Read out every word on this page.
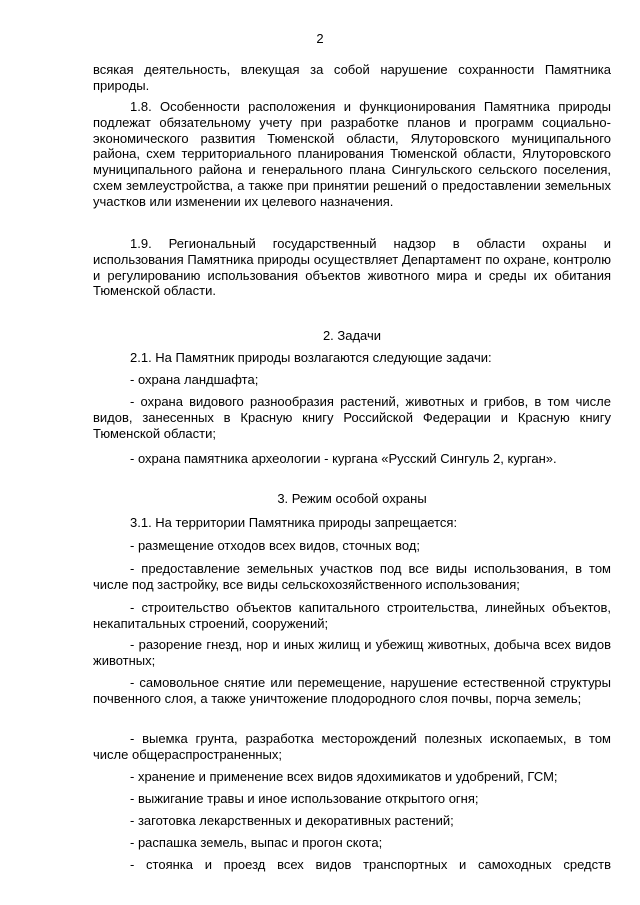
2

всякая деятельность, влекущая за собой нарушение сохранности Памятника природы.

1.8. Особенности расположения и функционирования Памятника природы подлежат обязательному учету при разработке планов и программ социально-экономического развития Тюменской области, Ялуторовского муниципального района, схем территориального планирования Тюменской области, Ялуторовского муниципального района и генерального плана Сингульского сельского поселения, схем землеустройства, а также при принятии решений о предоставлении земельных участков или изменении их целевого назначения.

1.9. Региональный государственный надзор в области охраны и использования Памятника природы осуществляет Департамент по охране, контролю и регулированию использования объектов животного мира и среды их обитания Тюменской области.

2. Задачи

2.1. На Памятник природы возлагаются следующие задачи:

- охрана ландшафта;

- охрана видового разнообразия растений, животных и грибов, в том числе видов, занесенных в Красную книгу Российской Федерации и Красную книгу Тюменской области;

- охрана памятника археологии - кургана «Русский Сингуль 2, курган».

3. Режим особой охраны

3.1. На территории Памятника природы запрещается:

- размещение отходов всех видов, сточных вод;

- предоставление земельных участков под все виды использования, в том числе под застройку, все виды сельскохозяйственного использования;

- строительство объектов капитального строительства, линейных объектов, некапитальных строений, сооружений;

- разорение гнезд, нор и иных жилищ и убежищ животных, добыча всех видов животных;

- самовольное снятие или перемещение, нарушение естественной структуры почвенного слоя, а также уничтожение плодородного слоя почвы, порча земель;

- выемка грунта, разработка месторождений полезных ископаемых, в том числе общераспространенных;

- хранение и применение всех видов ядохимикатов и удобрений, ГСМ;

- выжигание травы и иное использование открытого огня;

- заготовка лекарственных и декоративных растений;

- распашка земель, выпас и прогон скота;

- стоянка и проезд всех видов транспортных и самоходных средств
